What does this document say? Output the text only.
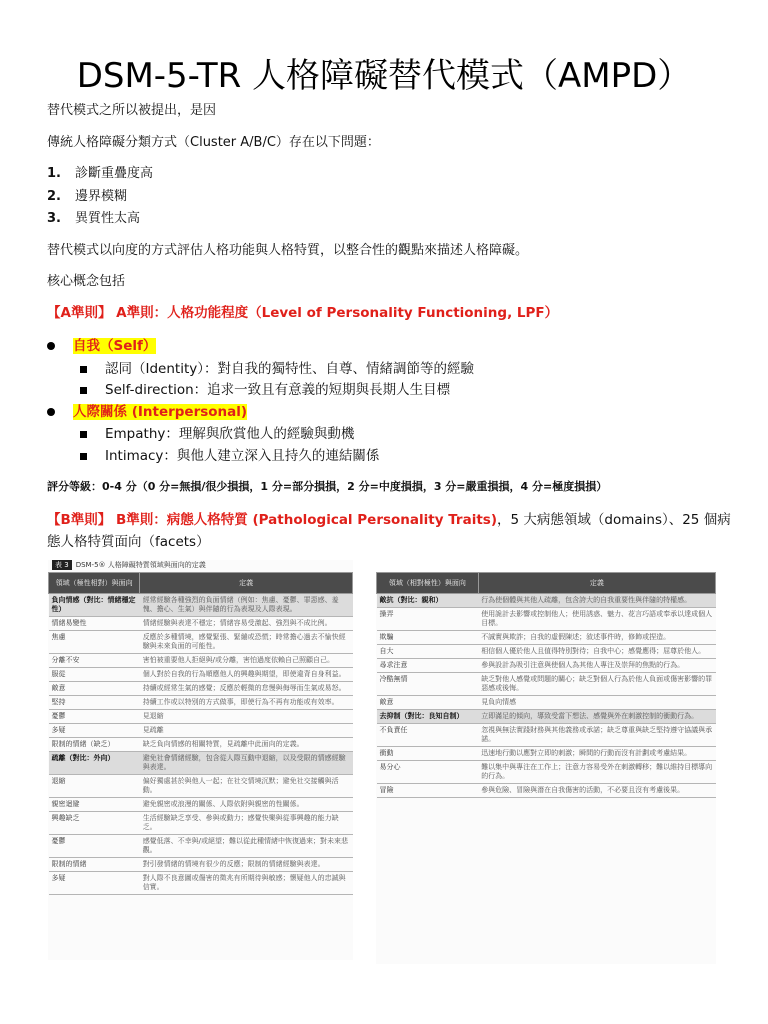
DSM-5-TR 人格障礙替代模式（AMPD）
替代模式之所以被提出，是因
傳統人格障礙分類方式（Cluster A/B/C）存在以下問題：
1. 診斷重疊度高
2. 邊界模糊
3. 異質性太高
替代模式以向度的方式評估人格功能與人格特質，以整合性的觀點來描述人格障礙。
核心概念包括
【A準則】 A準則：人格功能程度（Level of Personality Functioning, LPF）
自我（Self）
認同（Identity）：對自我的獨特性、自尊、情緒調節等的經驗
Self-direction：追求一致且有意義的短期與長期人生目標
人際關係 (Interpersonal)
Empathy：理解與欣賞他人的經驗與動機
Intimacy：與他人建立深入且持久的連結關係
評分等級：0-4 分（0 分=無損/很少損損，1 分=部分損損，2 分=中度損損，3 分=嚴重損損，4 分=極度損損）
【B準則】 B準則：病態人格特質 (Pathological Personality Traits)，5 大病態領域（domains）、25 個病態人格特質面向（facets）
表 3 DSM-5® 人格障礙特質領域與面向的定義
領域（極性相對）與面向	定義
負向情感（對比：情緒穩定性）	經常經驗各種強烈的負面情緒（例如：焦慮、憂鬱、罪惡感、羞愧、擔心、生氣）與伴隨的行為表現及人際表現。
情緒易變性	情緒經驗與表達不穩定；情緒容易受激起、強烈與不成比例。
焦慮	反應於多種情境，感覺緊張、緊繃或恐慌；時常擔心過去不愉快經驗與未來負面的可能性。
分離不安	害怕被重要他人拒絕與/或分離，害怕過度依賴自己照顧自己。
服從	個人對於自我的行為順應他人的興趣與期望，即使違背自身利益。
敵意	持續或經常生氣的感覺；反應於輕微的怠慢與侮辱而生氣或易怒。
堅持	持續工作或以特別的方式做事，即使行為不再有功能或有效率。
憂鬱	見退縮
多疑	見疏離
限制的情緒（缺乏）	缺乏負向情感的相關特質，見疏離中此面向的定義。
疏離（對比：外向）	避免社會情緒經驗，包含從人際互動中退縮，以及受限的情感經驗與表達。
退縮	偏好獨處甚於與他人一起；在社交情境沉默；避免社交接觸與活動。
親密迴避	避免親密或浪漫的關係、人際依附與親密的性關係。
興趣缺乏	生活經驗缺乏享受、參與或動力；感覺快樂與從事興趣的能力缺乏。
憂鬱	感覺低落、不幸與/或絕望；難以從此種情緒中恢復過來；對未來悲觀。
限制的情緒	對引發情緒的情境有很少的反應；限制的情緒經驗與表達。
多疑	對人際不良意圖或傷害的徵兆有所期待與敏感；懷疑他人的忠誠與信實。
領域（相對極性）與面向	定義
敵抗（對比：親和）	行為使個體與其他人疏離，包含誇大的自我重要性與伴隨的特權感。
操弄	使用詭計去影響或控制他人；使用誘惑、魅力、花言巧語或奉承以達成個人目標。
欺騙	不誠實與欺詐；自我的虛假陳述；敘述事件時，修飾或捏造。
自大	相信個人優於他人且值得特別對待；自我中心；感覺應得；屈尊於他人。
尋求注意	參與設計為吸引注意與使個人為其他人專注及崇拜的焦點的行為。
冷酷無情	缺乏對他人感覺或問題的關心；缺乏對個人行為於他人負面或傷害影響的罪惡感或後悔。
敵意	見負向情感
去抑制（對比：良知自制）	立即滿足的傾向，導致受當下想法、感覺與外在刺激控制的衝動行為。
不負責任	忽視與無法實踐財務與其他義務或承諾；缺乏尊重與缺乏堅持遵守協議與承諾。
衝動	迅速地行動以應對立即的刺激；瞬間的行動而沒有計劃或考慮結果。
易分心	難以集中與專注在工作上；注意力容易受外在刺激轉移；難以維持目標導向的行為。
冒險	參與危險、冒險與潛在自我傷害的活動，不必要且沒有考慮後果。
